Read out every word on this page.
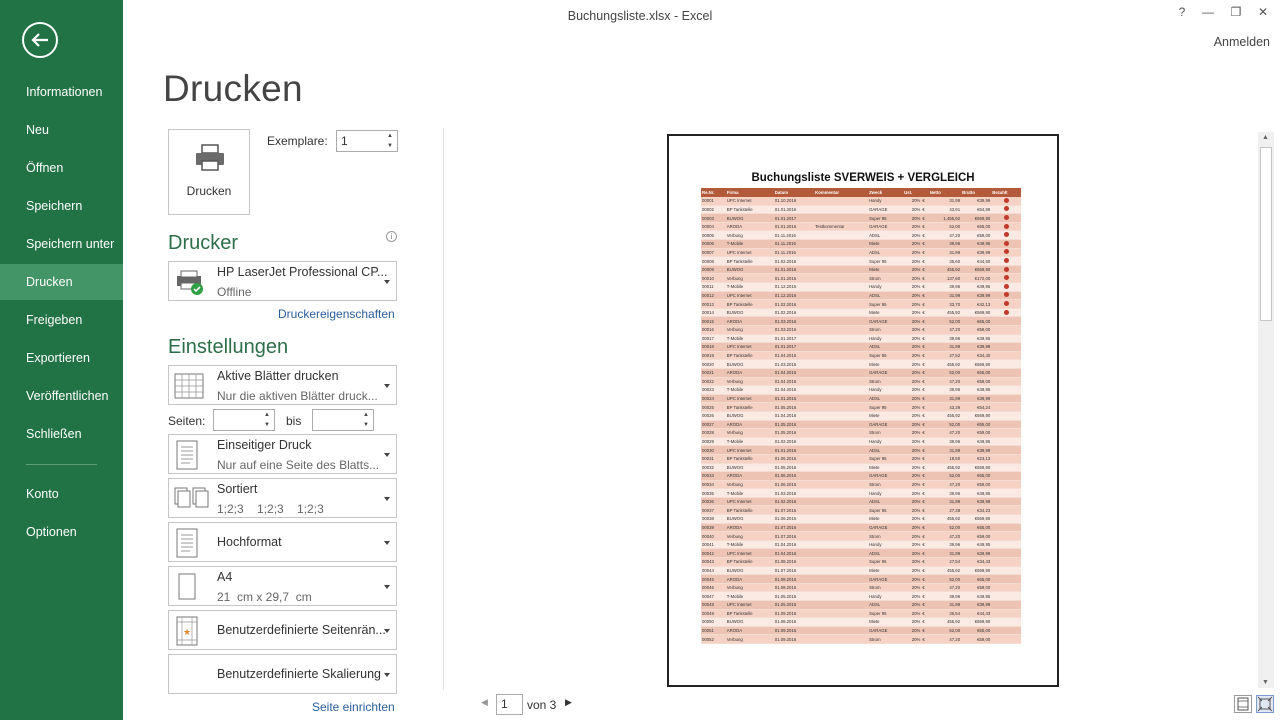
Informationen
Neu
Öffnen
Speichern
Speichern unter
Drucken
Freigeben
Exportieren
Veröffentlichen
Schließen
Konto
Optionen
Buchungsliste.xlsx - Excel	?	—	❐	✕
Anmelden
Drucken
Drucken
Exemplare: 1	▲
▼
Drucker	i
HP LaserJet Professional CP...
Offline
Druckereigenschaften
Einstellungen
Aktive Blätter drucken
Nur die aktiven Blätter druck...
Seiten:	▲
▼	bis	▲
▼
Einseitiger Druck
Nur auf eine Seite des Blatts...
Sortiert
1;2;3    1;2;3    1;2;3
Hochformat
A4
21  cm x 29,7  cm
★ Benutzerdefinierte Seitenrän...
Benutzerdefinierte Skalierung
Seite einrichten
Buchungsliste SVERWEIS + VERGLEICH
Re.Nr.	Firma	Datum	Kommentar	Zweck	Ust.		Netto	Brutto	Bezahlt
00001	UPC Internet	01.10.2016		Handy	20%	€	31,99	€39,99	
00002	BP Tankstelle	01.01.2016		GARAGE	20%	€	43,91	€54,89	
00003	BUWOG	01.01.2017		Super 95	20%	€	1.455,92	€569,90	
00004	ARODA	01.01.2016	Testkommentar	GARAGE	20%	€	52,00	€65,00	
00005	Verbung	01.11.2016		ADSL	20%	€	47,20	€59,00	
00006	T-Mobile	01.11.2016		Miete	20%	€	39,96	€49,95	
00007	UPC Internet	01.11.2016		ADSL	20%	€	31,99	€39,99	
00008	BP Tankstelle	01.02.2016		Super 95	20%	€	35,60	€44,50	
00009	BUWOG	01.01.2016		Miete	20%	€	455,92	€569,90	
00010	Verbung	01.01.2016		Strom	20%	€	137,60	€172,00	
00011	T-Mobile	01.12.2016		Handy	20%	€	39,96	€49,95	
00012	UPC Internet	01.12.2016		ADSL	20%	€	31,99	€39,99	
00013	BP Tankstelle	01.02.2016		Super 95	20%	€	33,70	€42,13	
00014	BUWOG	01.02.2016		Miete	20%	€	455,92	€569,90	
00015	ARODA	01.03.2016		GARAGE	20%	€	52,00	€65,00	
00016	Verbung	01.03.2016		Strom	20%	€	47,20	€59,00	
00017	T-Mobile	01.01.2017		Handy	20%	€	39,96	€49,95	
00018	UPC Internet	01.01.2017		ADSL	20%	€	31,99	€39,99	
00019	BP Tankstelle	01.04.2016		Super 95	20%	€	27,52	€34,40	
00020	BUWOG	01.03.2016		Miete	20%	€	455,92	€569,90	
00021	ARODA	01.04.2016		GARAGE	20%	€	52,00	€65,00	
00022	Verbung	01.04.2016		Strom	20%	€	47,20	€59,00	
00023	T-Mobile	01.04.2016		Handy	20%	€	39,96	€49,95	
00024	UPC Internet	01.01.2016		ADSL	20%	€	31,99	€39,99	
00025	BP Tankstelle	01.05.2016		Super 95	20%	€	43,39	€54,24	
00026	BUWOG	01.04.2016		Miete	20%	€	455,92	€569,90	
00027	ARODA	01.05.2016		GARAGE	20%	€	52,00	€65,00	
00028	Verbung	01.05.2016		Strom	20%	€	47,20	€59,00	
00029	T-Mobile	01.02.2016		Handy	20%	€	39,96	€49,95	
00030	UPC Internet	01.01.2016		ADSL	20%	€	31,99	€39,99	
00031	BP Tankstelle	01.06.2016		Super 95	20%	€	18,50	€23,13	
00032	BUWOG	01.05.2016		Miete	20%	€	455,92	€569,90	
00033	ARODA	01.06.2016		GARAGE	20%	€	52,00	€65,00	
00034	Verbung	01.06.2016		Strom	20%	€	47,20	€59,00	
00035	T-Mobile	01.03.2016		Handy	20%	€	39,96	€49,95	
00036	UPC Internet	01.02.2016		ADSL	20%	€	31,99	€39,99	
00037	BP Tankstelle	01.07.2016		Super 95	20%	€	27,38	€34,23	
00038	BUWOG	01.06.2016		Miete	20%	€	455,92	€569,90	
00039	ARODA	01.07.2016		GARAGE	20%	€	52,00	€65,00	
00040	Verbung	01.07.2016		Strom	20%	€	47,20	€59,00	
00041	T-Mobile	01.04.2016		Handy	20%	€	39,96	€49,95	
00042	UPC Internet	01.04.2016		ADSL	20%	€	31,99	€39,99	
00043	BP Tankstelle	01.08.2016		Super 95	20%	€	27,54	€34,43	
00044	BUWOG	01.07.2016		Miete	20%	€	455,92	€569,90	
00045	ARODA	01.08.2016		GARAGE	20%	€	52,00	€65,00	
00046	Verbung	01.08.2016		Strom	20%	€	47,20	€59,00	
00047	T-Mobile	01.05.2016		Handy	20%	€	39,96	€49,95	
00048	UPC Internet	01.05.2016		ADSL	20%	€	31,99	€39,99	
00049	BP Tankstelle	01.09.2016		Super 95	20%	€	35,54	€44,43	
00050	BUWOG	01.08.2016		Miete	20%	€	455,92	€569,90	
00051	ARODA	01.09.2016		GARAGE	20%	€	52,00	€65,00	
00052	Verbung	01.09.2016		Strom	20%	€	47,20	€59,00	
▲
▼
◀	1	von 3 ▶
